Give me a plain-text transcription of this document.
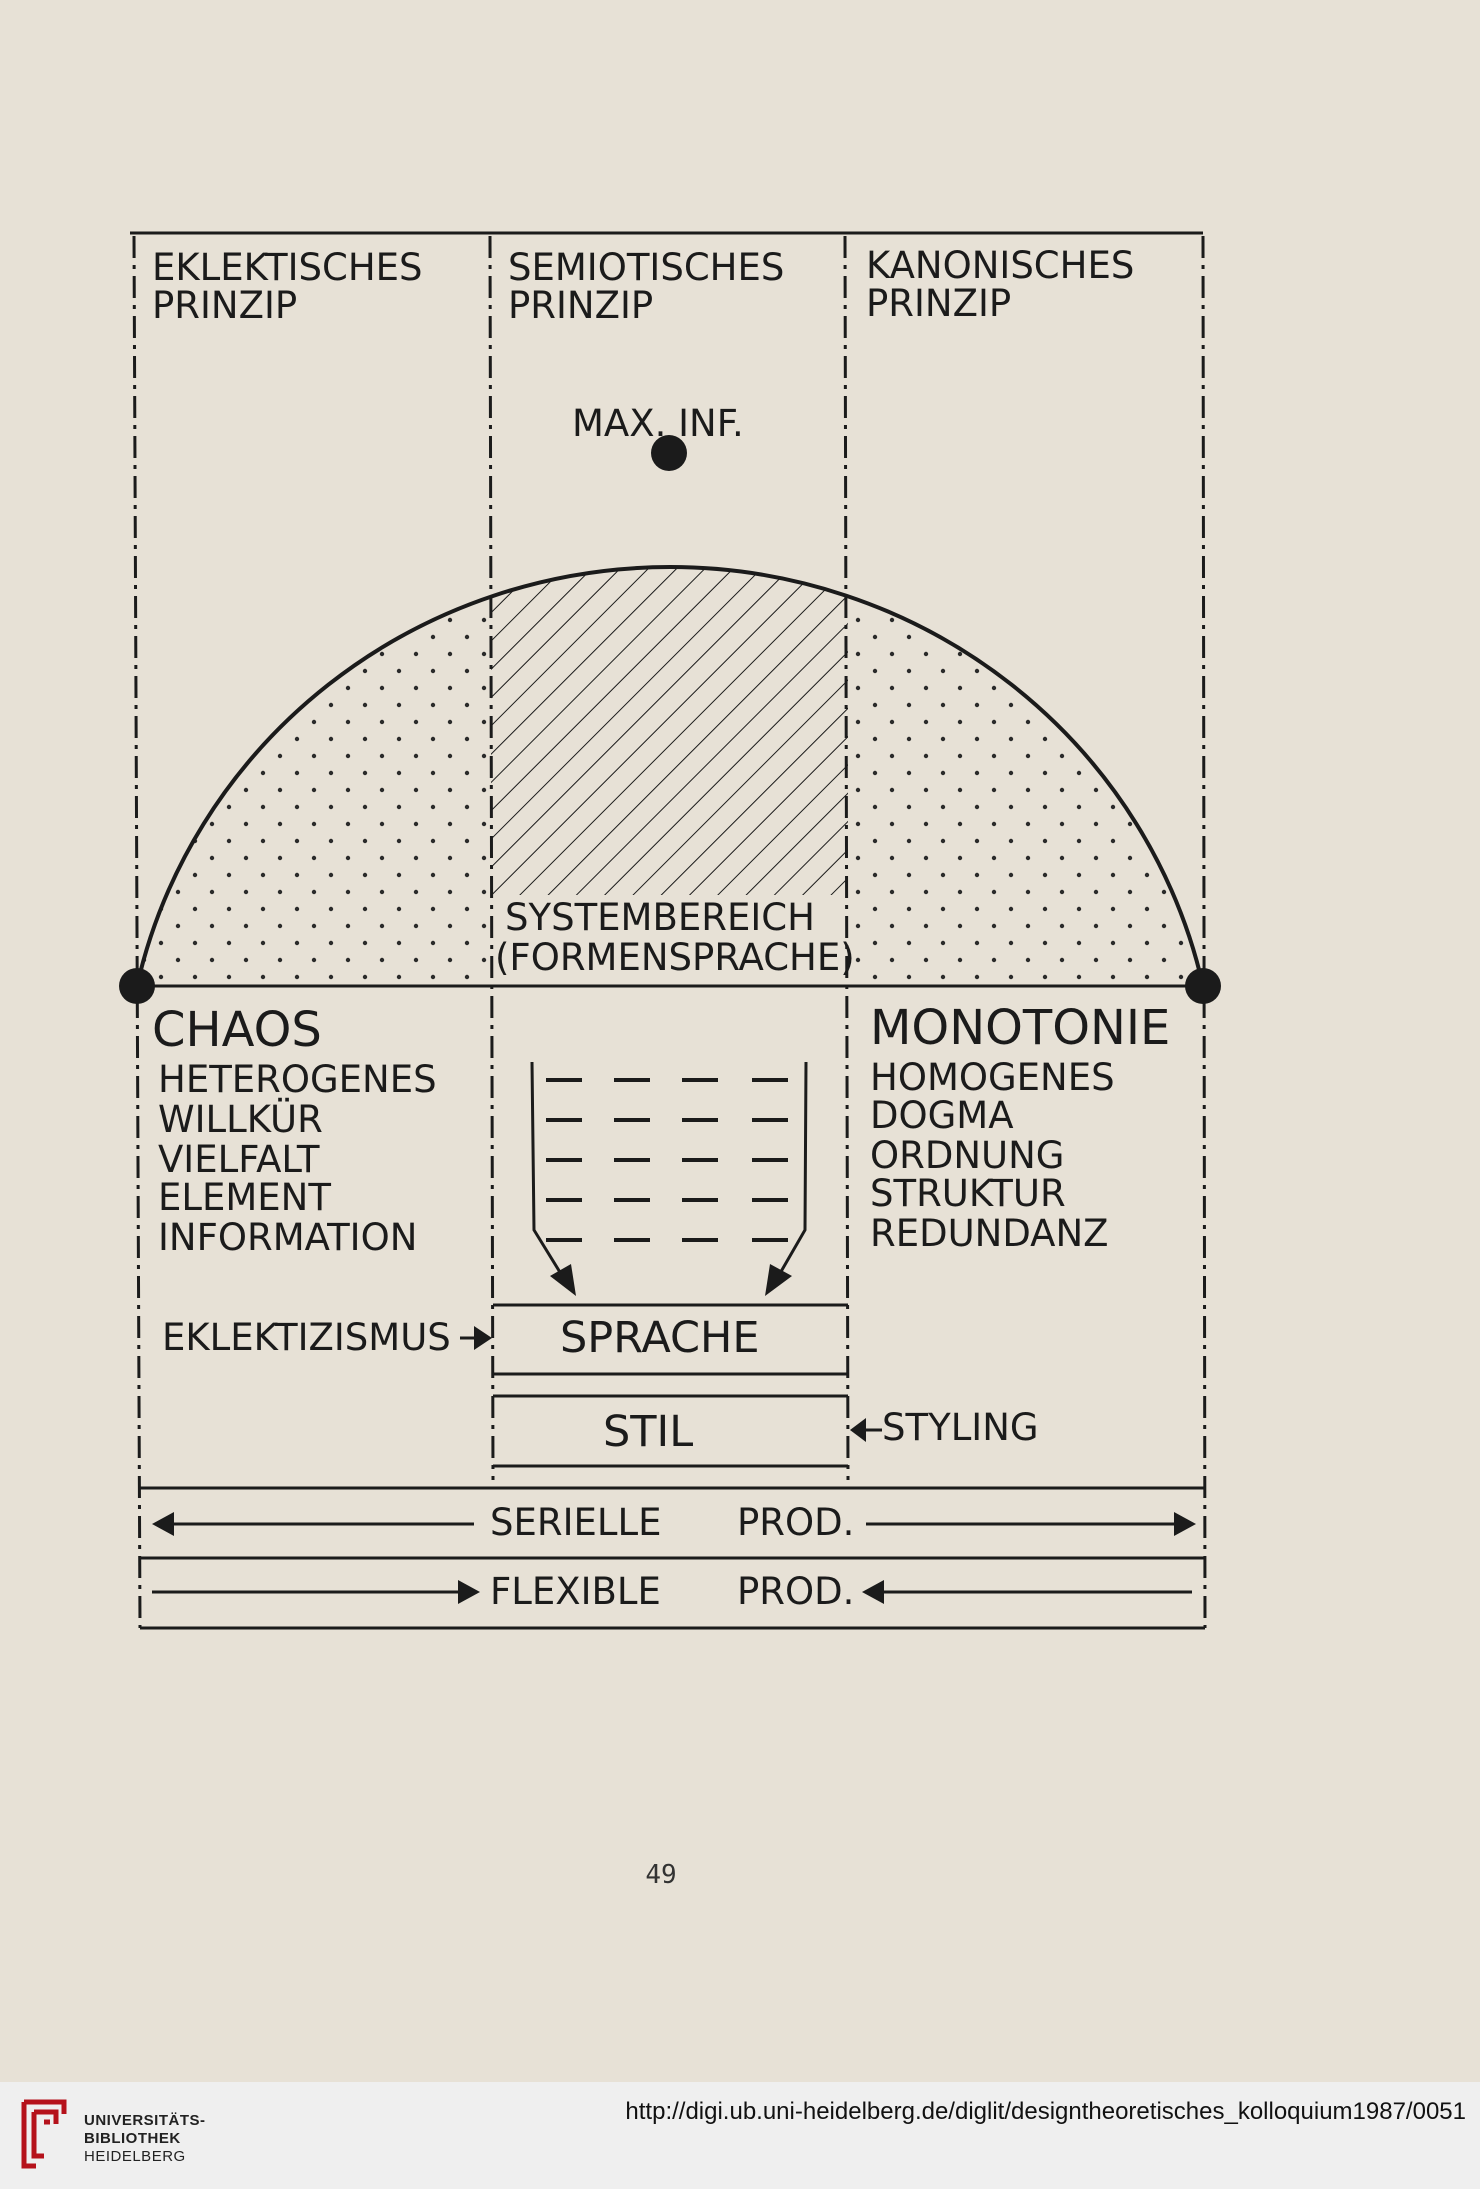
EKLEKTISCHES
PRINZIP
SEMIOTISCHES
PRINZIP
KANONISCHES
PRINZIP
MAX. INF.
SYSTEMBEREICH
(FORMENSPRACHE)
CHAOS
HETEROGENES
WILLKÜR
VIELFALT
ELEMENT
INFORMATION
MONOTONIE
HOMOGENES
DOGMA
ORDNUNG
STRUKTUR
REDUNDANZ
SPRACHE
STIL
EKLEKTIZISMUS
STYLING
SERIELLE PROD.
FLEXIBLE PROD.
49
UNIVERSITÄTS-
BIBLIOTHEK
HEIDELBERG
http://digi.ub.uni-heidelberg.de/diglit/designtheoretisches_kolloquium1987/0051
